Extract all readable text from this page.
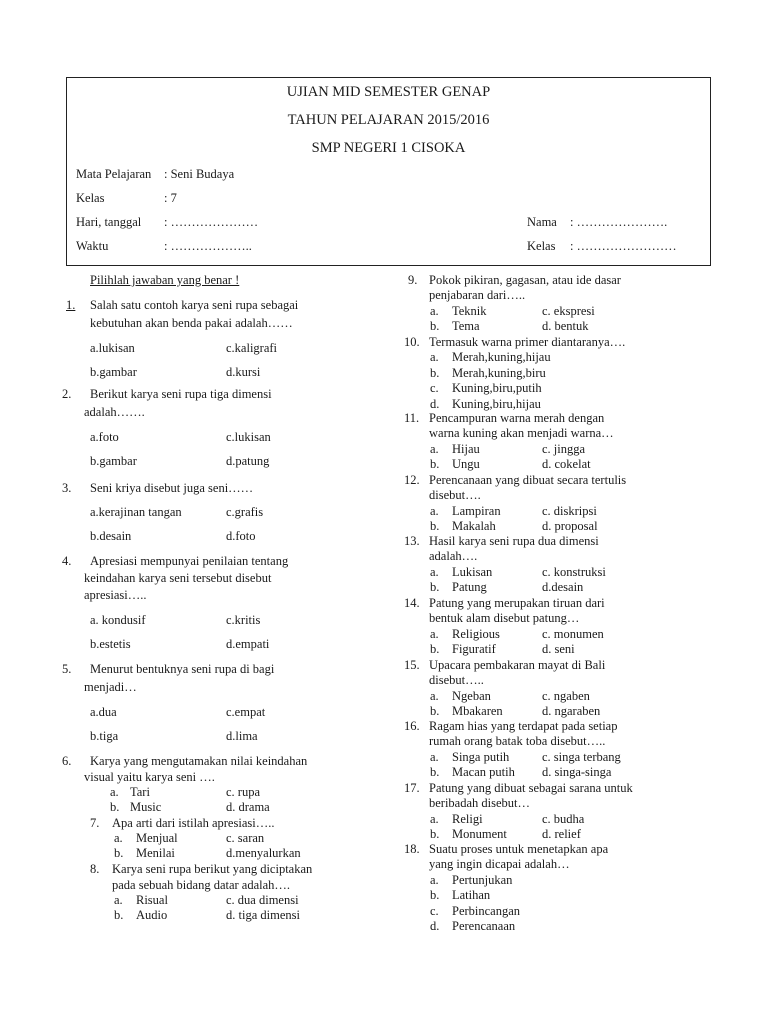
UJIAN MID SEMESTER GENAP
TAHUN PELAJARAN 2015/2016
SMP NEGERI 1 CISOKA
Mata Pelajaran : Seni Budaya
Kelas	: 7
Hari, tanggal : …………………
Waktu	: ………………..
Nama : ………………….
Kelas : ……………………
Pilihlah jawaban yang benar !
1.	Salah satu contoh karya seni rupa sebagai
kebutuhan akan benda pakai adalah……
a.lukisan	c.kaligrafi
b.gambar	d.kursi
2. Berikut karya seni rupa tiga dimensi
adalah…….
a.foto	c.lukisan
b.gambar	d.patung
3. Seni kriya disebut juga seni……
a.kerajinan tangan	c.grafis
b.desain	d.foto
4. Apresiasi mempunyai penilaian tentang
keindahan karya seni tersebut disebut
apresiasi…..
a. kondusif	c.kritis
b.estetis	d.empati
5. Menurut bentuknya seni rupa di bagi
menjadi…
a.dua	c.empat
b.tiga	d.lima
6. Karya yang mengutamakan nilai keindahan
visual yaitu karya seni ….
a. Tari	c. rupa
b. Music	d. drama
7. Apa arti dari istilah apresiasi…..
a. Menjual	c. saran
b. Menilai	d.menyalurkan
8. Karya seni rupa berikut yang diciptakan
pada sebuah bidang datar adalah….
a. Risual	c. dua dimensi
b. Audio	d. tiga dimensi
9. Pokok pikiran, gagasan, atau ide dasar
penjabaran dari…..
a. Teknik	c. ekspresi
b. Tema	d. bentuk
10. Termasuk warna primer diantaranya….
a. Merah,kuning,hijau
b. Merah,kuning,biru
c. Kuning,biru,putih
d. Kuning,biru,hijau
11. Pencampuran warna merah dengan
warna kuning akan menjadi warna…
a. Hijau	c. jingga
b. Ungu	d. cokelat
12. Perencanaan yang dibuat secara tertulis
disebut….
a. Lampiran	c. diskripsi
b. Makalah	d. proposal
13. Hasil karya seni rupa dua dimensi
adalah….
a. Lukisan	c. konstruksi
b. Patung	d.desain
14. Patung yang merupakan tiruan dari
bentuk alam disebut patung…
a. Religious	c. monumen
b. Figuratif	d. seni
15. Upacara pembakaran mayat di Bali
disebut…..
a. Ngeban	c. ngaben
b. Mbakaren	d. ngaraben
16. Ragam hias yang terdapat pada setiap
rumah orang batak toba disebut…..
a. Singa putih	c. singa terbang
b. Macan putih d. singa-singa
17. Patung yang dibuat sebagai sarana untuk
beribadah disebut…
a. Religi	c. budha
b. Monument	d. relief
18. Suatu proses untuk menetapkan apa
yang ingin dicapai adalah…
a. Pertunjukan
b. Latihan
c. Perbincangan
d. Perencanaan
